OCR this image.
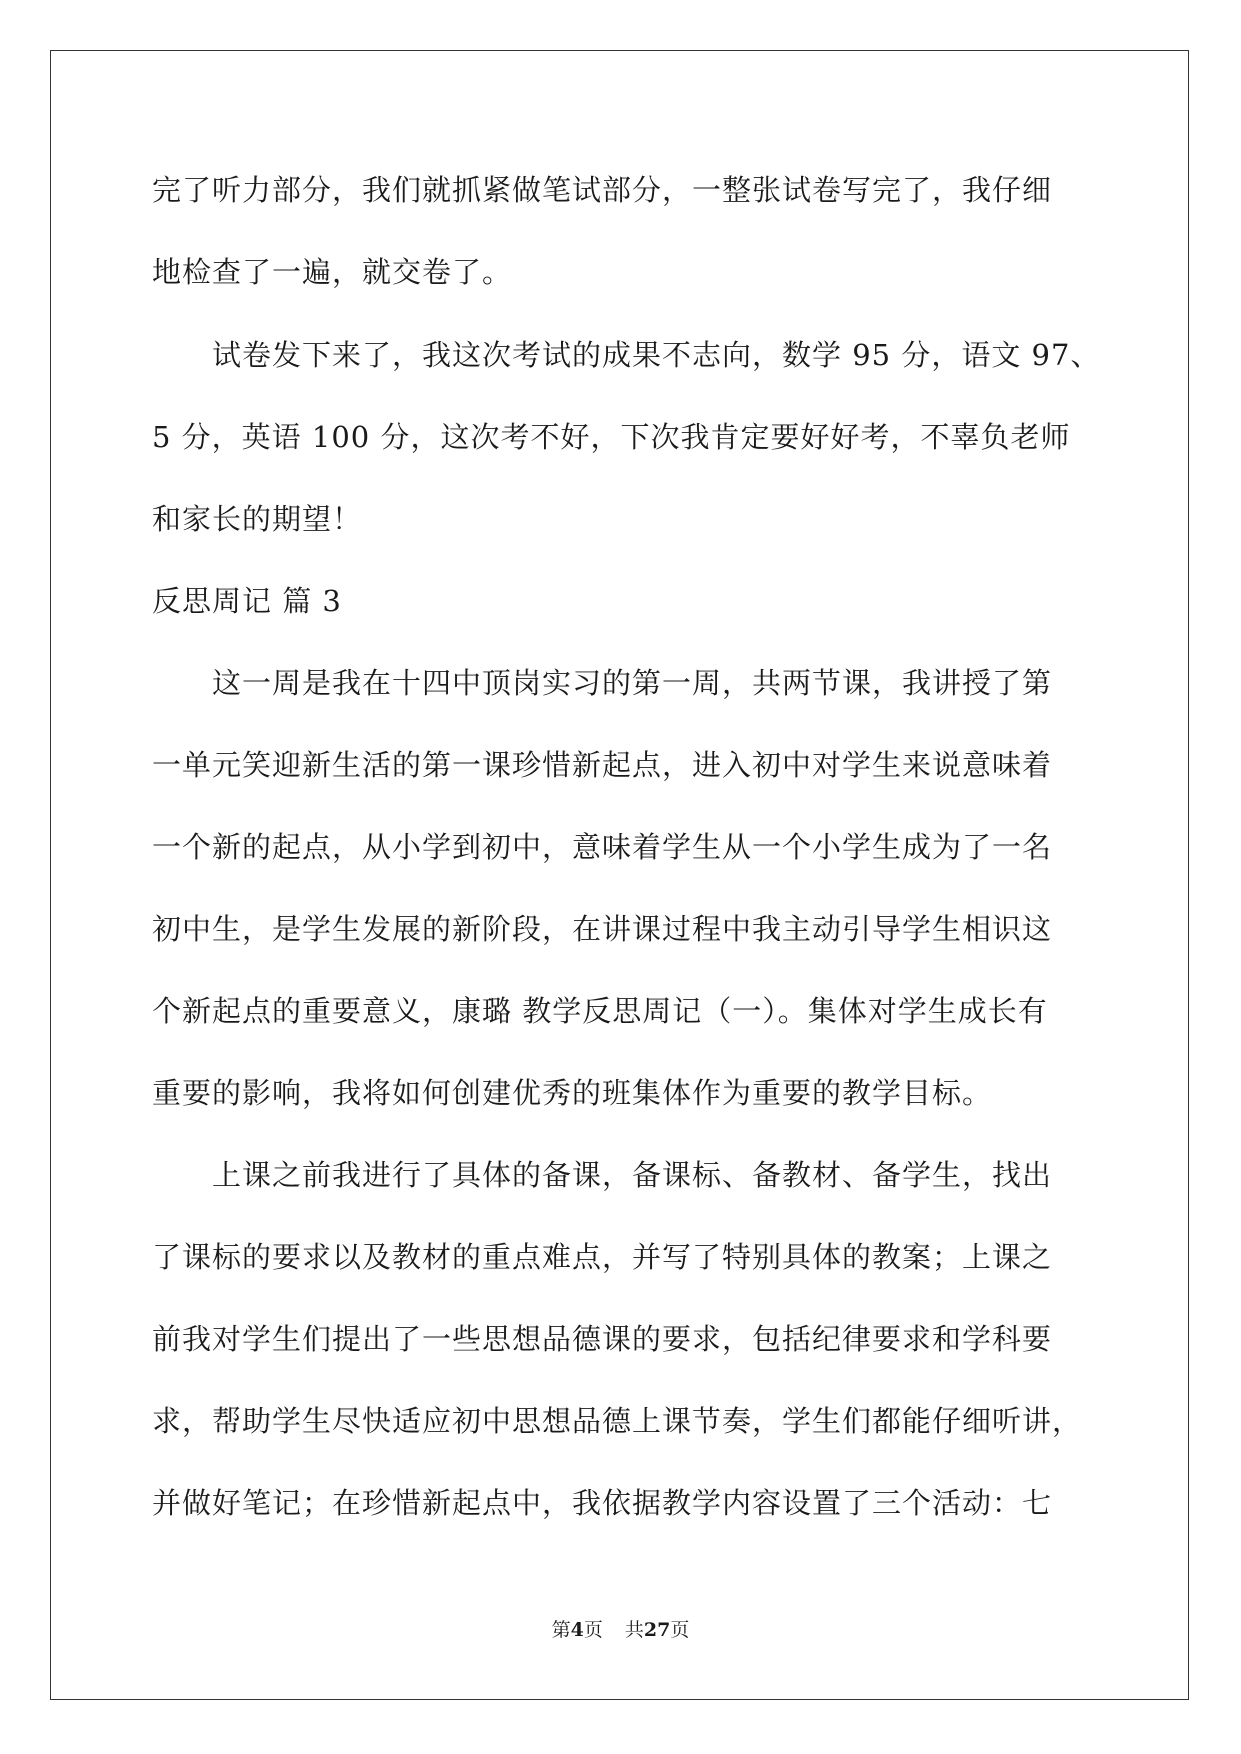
完了听力部分，我们就抓紧做笔试部分，一整张试卷写完了，我仔细
地检查了一遍，就交卷了。
　　试卷发下来了，我这次考试的成果不志向，数学 95 分，语文 97、
5 分，英语 100 分，这次考不好，下次我肯定要好好考，不辜负老师
和家长的期望！
反思周记 篇 3
　　这一周是我在十四中顶岗实习的第一周，共两节课，我讲授了第
一单元笑迎新生活的第一课珍惜新起点，进入初中对学生来说意味着
一个新的起点，从小学到初中，意味着学生从一个小学生成为了一名
初中生，是学生发展的新阶段，在讲课过程中我主动引导学生相识这
个新起点的重要意义，康璐 教学反思周记（一）。集体对学生成长有
重要的影响，我将如何创建优秀的班集体作为重要的教学目标。
　　上课之前我进行了具体的备课，备课标、备教材、备学生，找出
了课标的要求以及教材的重点难点，并写了特别具体的教案；上课之
前我对学生们提出了一些思想品德课的要求，包括纪律要求和学科要
求，帮助学生尽快适应初中思想品德上课节奏，学生们都能仔细听讲，
并做好笔记；在珍惜新起点中，我依据教学内容设置了三个活动：七
第4页 共27页
